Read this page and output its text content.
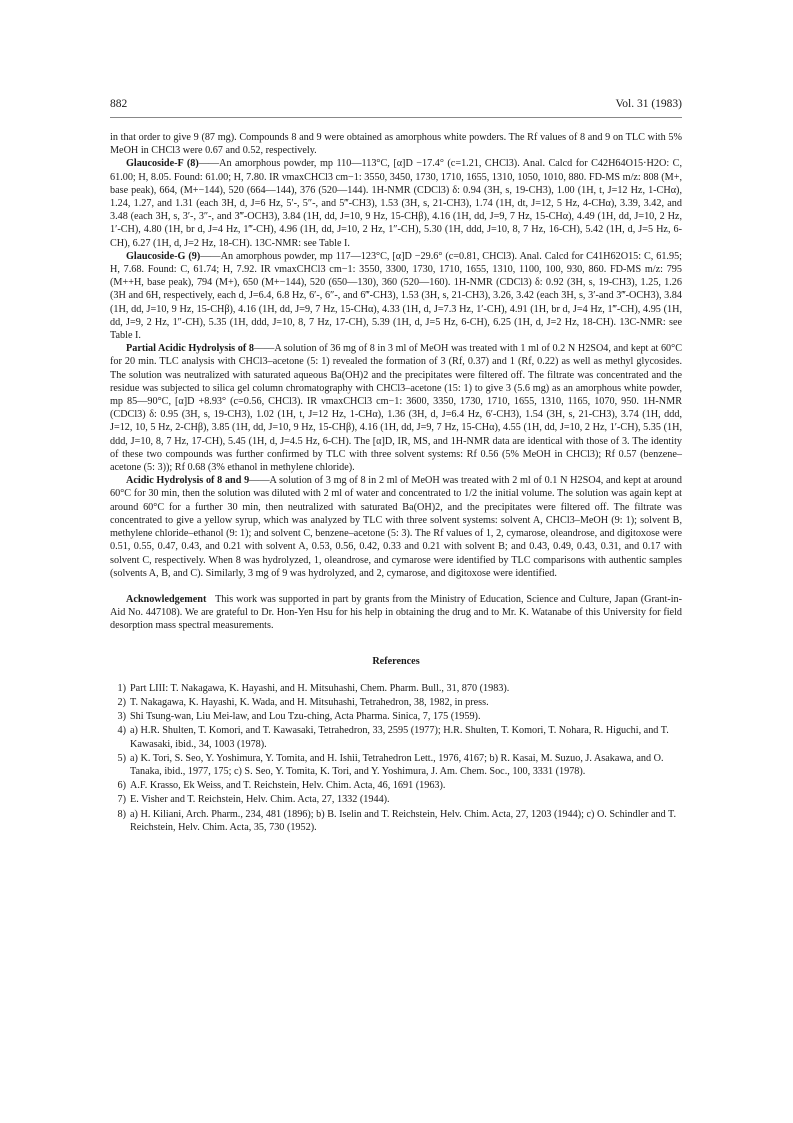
882	Vol. 31 (1983)

in that order to give 9 (87 mg). Compounds 8 and 9 were obtained as amorphous white powders. The Rf values of 8 and 9 on TLC with 5% MeOH in CHCl3 were 0.67 and 0.52, respectively.

Glaucoside-F (8)——An amorphous powder, mp 110—113°C, [α]D −17.4° (c=1.21, CHCl3). Anal. Calcd for C42H64O15·H2O: C, 61.00; H, 8.05. Found: 61.00; H, 7.80. IR νmaxCHCl3 cm−1: 3550, 3450, 1730, 1710, 1655, 1310, 1050, 1010, 880. FD-MS m/z: 808 (M+, base peak), 664, (M+−144), 520 (664—144), 376 (520—144). 1H-NMR (CDCl3) δ: 0.94 (3H, s, 19-CH3), 1.00 (1H, t, J=12 Hz, 1-CHα), 1.24, 1.27, and 1.31 (each 3H, d, J=6 Hz, 5′-, 5″-, and 5‴-CH3), 1.53 (3H, s, 21-CH3), 1.74 (1H, dt, J=12, 5 Hz, 4-CHα), 3.39, 3.42, and 3.48 (each 3H, s, 3′-, 3″-, and 3‴-OCH3), 3.84 (1H, dd, J=10, 9 Hz, 15-CHβ), 4.16 (1H, dd, J=9, 7 Hz, 15-CHα), 4.49 (1H, dd, J=10, 2 Hz, 1′-CH), 4.80 (1H, br d, J=4 Hz, 1‴-CH), 4.96 (1H, dd, J=10, 2 Hz, 1″-CH), 5.30 (1H, ddd, J=10, 8, 7 Hz, 16-CH), 5.42 (1H, d, J=5 Hz, 6-CH), 6.27 (1H, d, J=2 Hz, 18-CH). 13C-NMR: see Table I.

Glaucoside-G (9)——An amorphous powder, mp 117—123°C, [α]D −29.6° (c=0.81, CHCl3). Anal. Calcd for C41H62O15: C, 61.95; H, 7.68. Found: C, 61.74; H, 7.92. IR νmaxCHCl3 cm−1: 3550, 3300, 1730, 1710, 1655, 1310, 1100, 100, 930, 860. FD-MS m/z: 795 (M++H, base peak), 794 (M+), 650 (M+−144), 520 (650—130), 360 (520—160). 1H-NMR (CDCl3) δ: 0.92 (3H, s, 19-CH3), 1.25, 1.26 (3H and 6H, respectively, each d, J=6.4, 6.8 Hz, 6′-, 6″-, and 6‴-CH3), 1.53 (3H, s, 21-CH3), 3.26, 3.42 (each 3H, s, 3′-and 3‴-OCH3), 3.84 (1H, dd, J=10, 9 Hz, 15-CHβ), 4.16 (1H, dd, J=9, 7 Hz, 15-CHα), 4.33 (1H, d, J=7.3 Hz, 1′-CH), 4.91 (1H, br d, J=4 Hz, 1‴-CH), 4.95 (1H, dd, J=9, 2 Hz, 1″-CH), 5.35 (1H, ddd, J=10, 8, 7 Hz, 17-CH), 5.39 (1H, d, J=5 Hz, 6-CH), 6.25 (1H, d, J=2 Hz, 18-CH). 13C-NMR: see Table I.

Partial Acidic Hydrolysis of 8——A solution of 36 mg of 8 in 3 ml of MeOH was treated with 1 ml of 0.2 N H2SO4, and kept at 60°C for 20 min. TLC analysis with CHCl3–acetone (5: 1) revealed the formation of 3 (Rf, 0.37) and 1 (Rf, 0.22) as well as methyl glycosides. The solution was neutralized with saturated aqueous Ba(OH)2 and the precipitates were filtered off. The filtrate was concentrated and the residue was subjected to silica gel column chromatography with CHCl3–acetone (15: 1) to give 3 (5.6 mg) as an amorphous white powder, mp 85—90°C, [α]D +8.93° (c=0.56, CHCl3). IR νmaxCHCl3 cm−1: 3600, 3350, 1730, 1710, 1655, 1310, 1165, 1070, 950. 1H-NMR (CDCl3) δ: 0.95 (3H, s, 19-CH3), 1.02 (1H, t, J=12 Hz, 1-CHα), 1.36 (3H, d, J=6.4 Hz, 6′-CH3), 1.54 (3H, s, 21-CH3), 3.74 (1H, ddd, J=12, 10, 5 Hz, 2-CHβ), 3.85 (1H, dd, J=10, 9 Hz, 15-CHβ), 4.16 (1H, dd, J=9, 7 Hz, 15-CHα), 4.55 (1H, dd, J=10, 2 Hz, 1′-CH), 5.35 (1H, ddd, J=10, 8, 7 Hz, 17-CH), 5.45 (1H, d, J=4.5 Hz, 6-CH). The [α]D, IR, MS, and 1H-NMR data are identical with those of 3. The identity of these two compounds was further confirmed by TLC with three solvent systems: Rf 0.56 (5% MeOH in CHCl3); Rf 0.57 (benzene–acetone (5: 3)); Rf 0.68 (3% ethanol in methylene chloride).

Acidic Hydrolysis of 8 and 9——A solution of 3 mg of 8 in 2 ml of MeOH was treated with 2 ml of 0.1 N H2SO4, and kept at around 60°C for 30 min, then the solution was diluted with 2 ml of water and concentrated to 1/2 the initial volume. The solution was again kept at around 60°C for a further 30 min, then neutralized with saturated Ba(OH)2, and the precipitates were filtered off. The filtrate was concentrated to give a yellow syrup, which was analyzed by TLC with three solvent systems: solvent A, CHCl3–MeOH (9: 1); solvent B, methylene chloride–ethanol (9: 1); and solvent C, benzene–acetone (5: 3). The Rf values of 1, 2, cymarose, oleandrose, and digitoxose were 0.51, 0.55, 0.47, 0.43, and 0.21 with solvent A, 0.53, 0.56, 0.42, 0.33 and 0.21 with solvent B; and 0.43, 0.49, 0.43, 0.31, and 0.17 with solvent C, respectively. When 8 was hydrolyzed, 1, oleandrose, and cymarose were identified by TLC comparisons with authentic samples (solvents A, B, and C). Similarly, 3 mg of 9 was hydrolyzed, and 2, cymarose, and digitoxose were identified.

Acknowledgement This work was supported in part by grants from the Ministry of Education, Science and Culture, Japan (Grant-in-Aid No. 447108). We are grateful to Dr. Hon-Yen Hsu for his help in obtaining the drug and to Mr. K. Watanabe of this University for field desorption mass spectral measurements.

References

1) Part LIII: T. Nakagawa, K. Hayashi, and H. Mitsuhashi, Chem. Pharm. Bull., 31, 870 (1983).
2) T. Nakagawa, K. Hayashi, K. Wada, and H. Mitsuhashi, Tetrahedron, 38, 1982, in press.
3) Shi Tsung-wan, Liu Mei-law, and Lou Tzu-ching, Acta Pharma. Sinica, 7, 175 (1959).
4) a) H.R. Shulten, T. Komori, and T. Kawasaki, Tetrahedron, 33, 2595 (1977); H.R. Shulten, T. Komori, T. Nohara, R. Higuchi, and T. Kawasaki, ibid., 34, 1003 (1978).
5) a) K. Tori, S. Seo, Y. Yoshimura, Y. Tomita, and H. Ishii, Tetrahedron Lett., 1976, 4167; b) R. Kasai, M. Suzuo, J. Asakawa, and O. Tanaka, ibid., 1977, 175; c) S. Seo, Y. Tomita, K. Tori, and Y. Yoshimura, J. Am. Chem. Soc., 100, 3331 (1978).
6) A.F. Krasso, Ek Weiss, and T. Reichstein, Helv. Chim. Acta, 46, 1691 (1963).
7) E. Visher and T. Reichstein, Helv. Chim. Acta, 27, 1332 (1944).
8) a) H. Kiliani, Arch. Pharm., 234, 481 (1896); b) B. Iselin and T. Reichstein, Helv. Chim. Acta, 27, 1203 (1944); c) O. Schindler and T. Reichstein, Helv. Chim. Acta, 35, 730 (1952).
